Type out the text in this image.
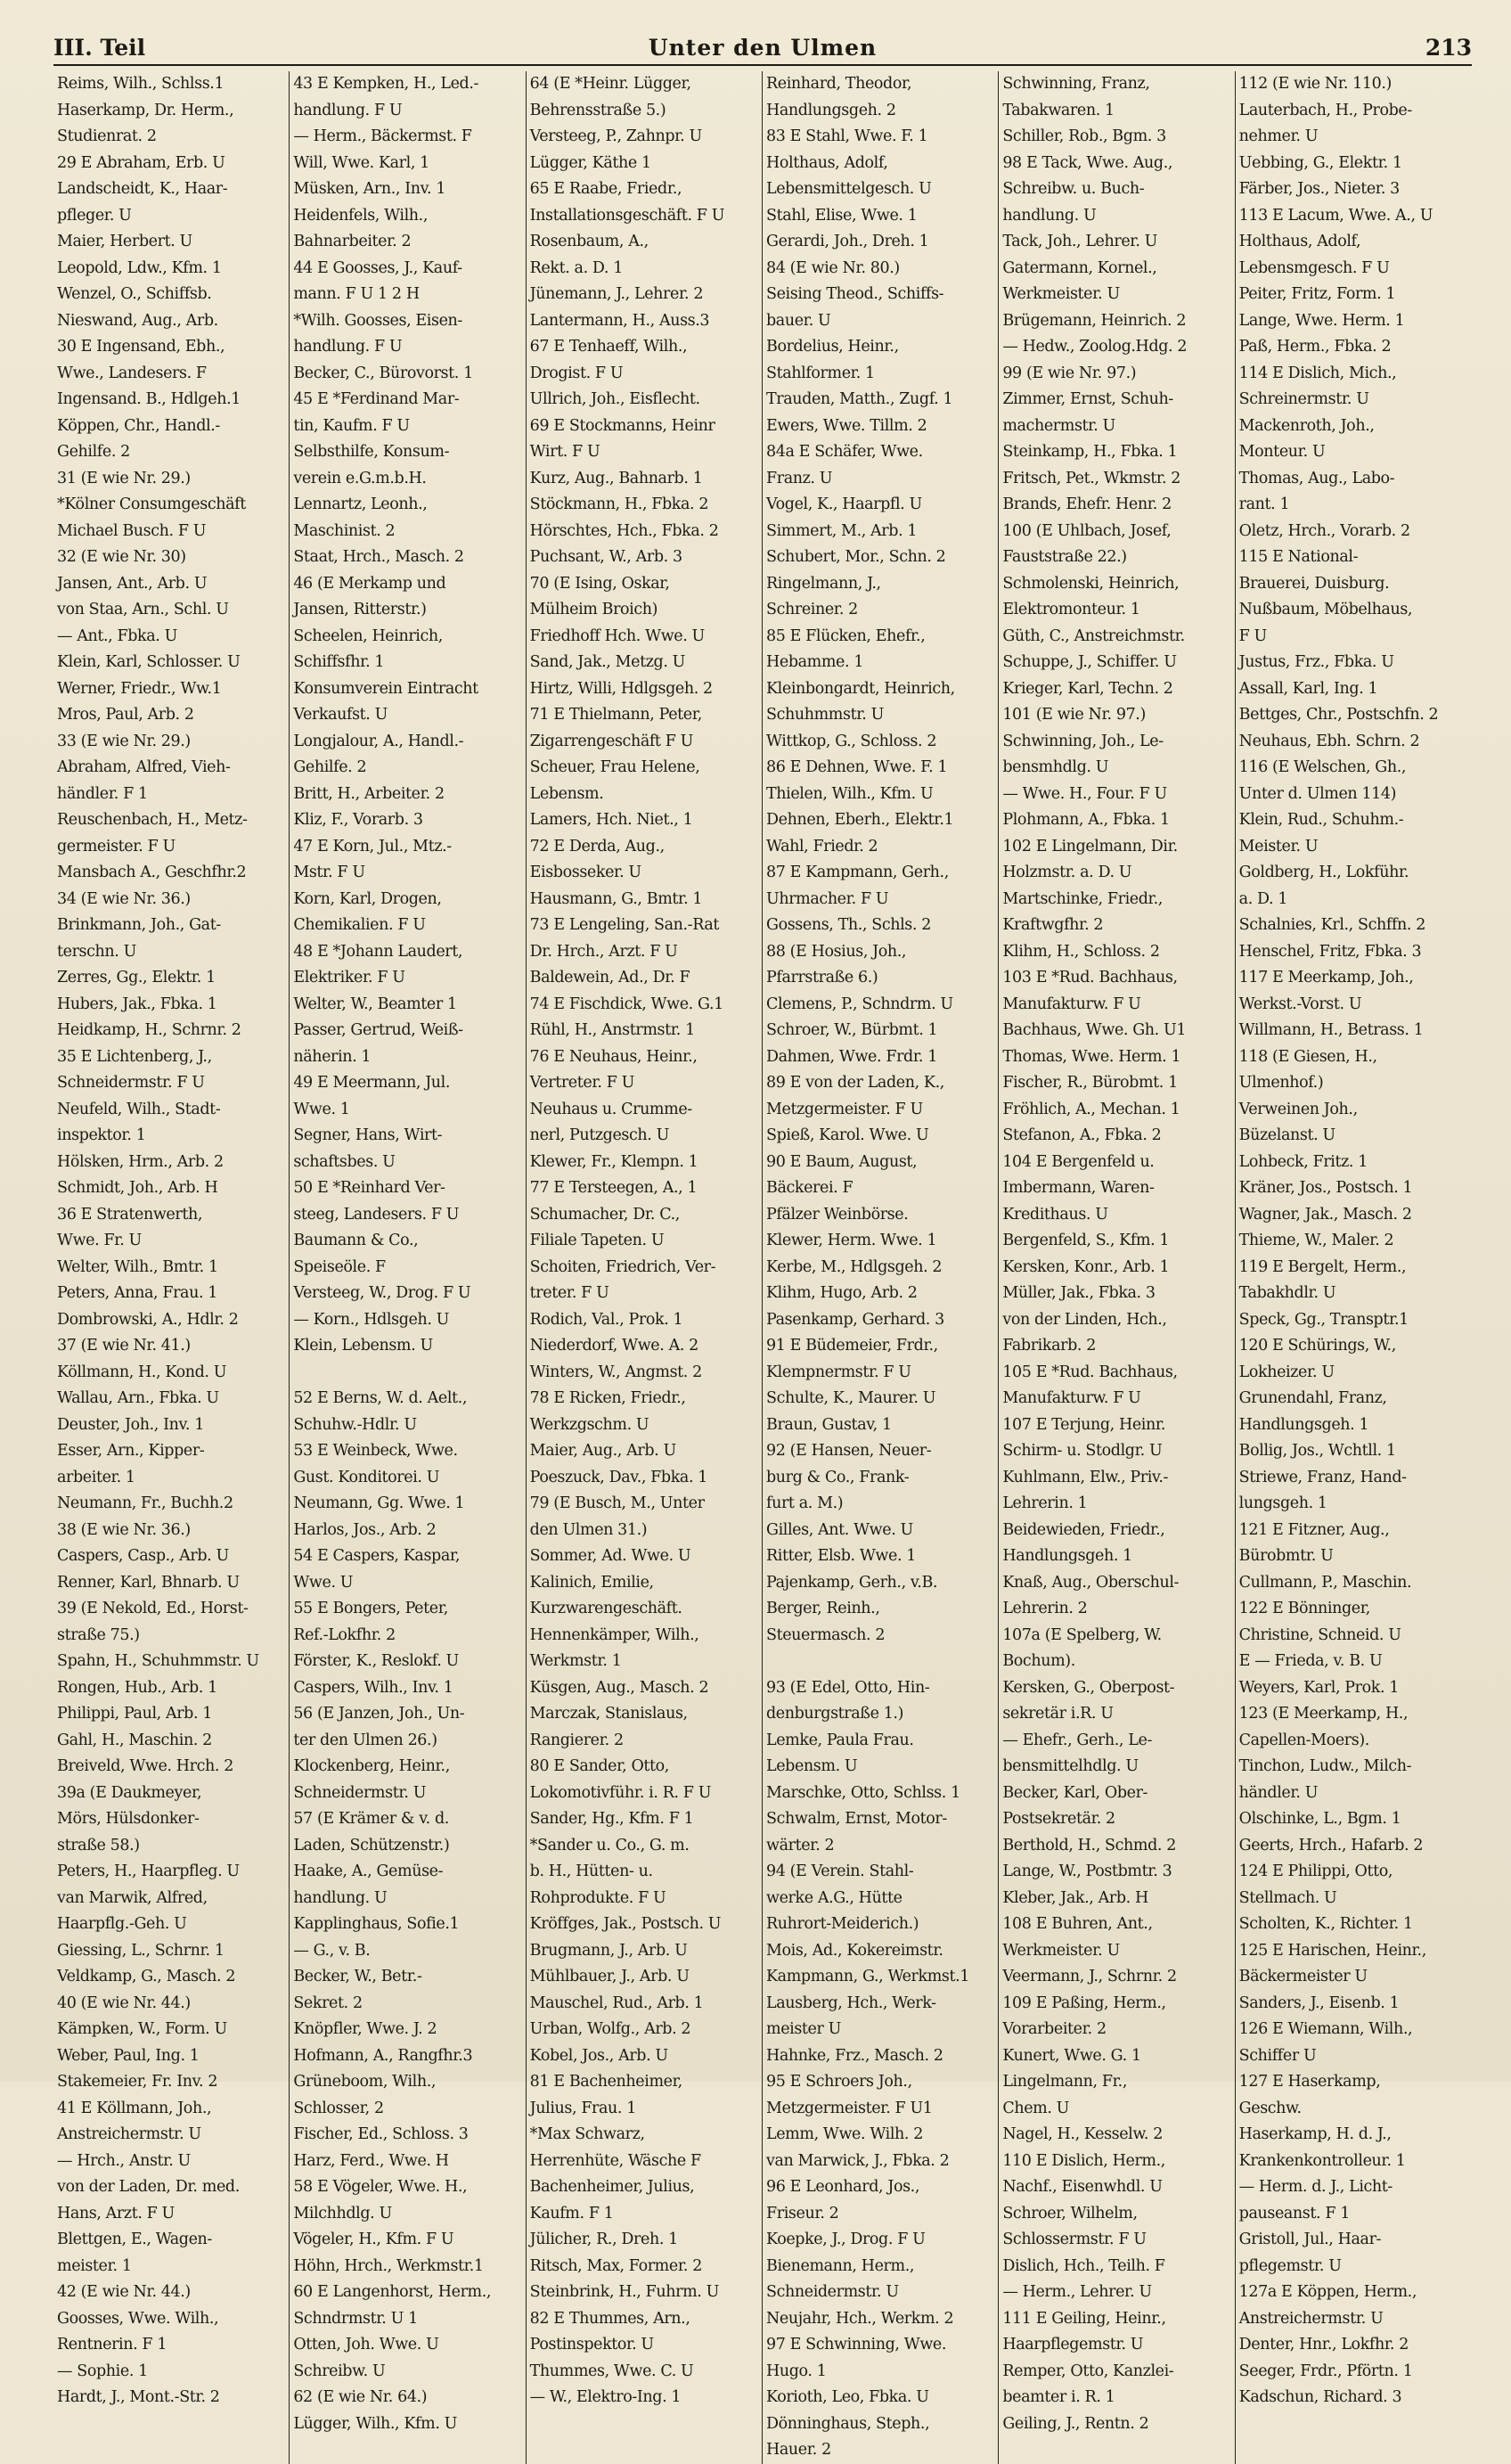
III. Teil	Unter den Ulmen	213
Reims, Wilh., Schlss.1
Haserkamp, Dr. Herm.,
Studienrat. 2
29 E Abraham, Erb. U
Landscheidt, K., Haar-
pfleger. U
Maier, Herbert. U
Leopold, Ldw., Kfm. 1
Wenzel, O., Schiffsb.
Nieswand, Aug., Arb.
30 E Ingensand, Ebh.,
Wwe., Landesers. F
Ingensand. B., Hdlgeh.1
Köppen, Chr., Handl.-
Gehilfe. 2
31 (E wie Nr. 29.)
*Kölner Consumgeschäft
Michael Busch. F U
32 (E wie Nr. 30)
Jansen, Ant., Arb. U
von Staa, Arn., Schl. U
— Ant., Fbka. U
Klein, Karl, Schlosser. U
Werner, Friedr., Ww.1
Mros, Paul, Arb. 2
33 (E wie Nr. 29.)
Abraham, Alfred, Vieh-
händler. F 1
Reuschenbach, H., Metz-
germeister. F U
Mansbach A., Geschfhr.2
34 (E wie Nr. 36.)
Brinkmann, Joh., Gat-
terschn. U
Zerres, Gg., Elektr. 1
Hubers, Jak., Fbka. 1
Heidkamp, H., Schrnr. 2
35 E Lichtenberg, J.,
Schneidermstr. F U
Neufeld, Wilh., Stadt-
inspektor. 1
Hölsken, Hrm., Arb. 2
Schmidt, Joh., Arb. H
36 E Stratenwerth,
Wwe. Fr. U
Welter, Wilh., Bmtr. 1
Peters, Anna, Frau. 1
Dombrowski, A., Hdlr. 2
37 (E wie Nr. 41.)
Köllmann, H., Kond. U
Wallau, Arn., Fbka. U
Deuster, Joh., Inv. 1
Esser, Arn., Kipper-
arbeiter. 1
Neumann, Fr., Buchh.2
38 (E wie Nr. 36.)
Caspers, Casp., Arb. U
Renner, Karl, Bhnarb. U
39 (E Nekold, Ed., Horst-
straße 75.)
Spahn, H., Schuhmmstr. U
Rongen, Hub., Arb. 1
Philippi, Paul, Arb. 1
Gahl, H., Maschin. 2
Breiveld, Wwe. Hrch. 2
39a (E Daukmeyer,
Mörs, Hülsdonker-
straße 58.)
Peters, H., Haarpfleg. U
van Marwik, Alfred,
Haarpflg.-Geh. U
Giessing, L., Schrnr. 1
Veldkamp, G., Masch. 2
40 (E wie Nr. 44.)
Kämpken, W., Form. U
Weber, Paul, Ing. 1
Stakemeier, Fr. Inv. 2
41 E Köllmann, Joh.,
Anstreichermstr. U
— Hrch., Anstr. U
von der Laden, Dr. med.
Hans, Arzt. F U
Blettgen, E., Wagen-
meister. 1
42 (E wie Nr. 44.)
Goosses, Wwe. Wilh.,
Rentnerin. F 1
— Sophie. 1
Hardt, J., Mont.-Str. 2
43 E Kempken, H., Led.-
handlung. F U
— Herm., Bäckermst. F
Will, Wwe. Karl, 1
Müsken, Arn., Inv. 1
Heidenfels, Wilh.,
Bahnarbeiter. 2
44 E Goosses, J., Kauf-
mann. F U 1 2 H
*Wilh. Goosses, Eisen-
handlung. F U
Becker, C., Bürovorst. 1
45 E *Ferdinand Mar-
tin, Kaufm. F U
Selbsthilfe, Konsum-
verein e.G.m.b.H.
Lennartz, Leonh.,
Maschinist. 2
Staat, Hrch., Masch. 2
46 (E Merkamp und
Jansen, Ritterstr.)
Scheelen, Heinrich,
Schiffsfhr. 1
Konsumverein Eintracht
Verkaufst. U
Longjalour, A., Handl.-
Gehilfe. 2
Britt, H., Arbeiter. 2
Kliz, F., Vorarb. 3
47 E Korn, Jul., Mtz.-
Mstr. F U
Korn, Karl, Drogen,
Chemikalien. F U
48 E *Johann Laudert,
Elektriker. F U
Welter, W., Beamter 1
Passer, Gertrud, Weiß-
näherin. 1
49 E Meermann, Jul.
Wwe. 1
Segner, Hans, Wirt-
schaftsbes. U
50 E *Reinhard Ver-
steeg, Landesers. F U
Baumann & Co.,
Speiseöle. F
Versteeg, W., Drog. F U
— Korn., Hdlsgeh. U
Klein, Lebensm. U
52 E Berns, W. d. Aelt.,
Schuhw.-Hdlr. U
53 E Weinbeck, Wwe.
Gust. Konditorei. U
Neumann, Gg. Wwe. 1
Harlos, Jos., Arb. 2
54 E Caspers, Kaspar,
Wwe. U
55 E Bongers, Peter,
Ref.-Lokfhr. 2
Förster, K., Reslokf. U
Caspers, Wilh., Inv. 1
56 (E Janzen, Joh., Un-
ter den Ulmen 26.)
Klockenberg, Heinr.,
Schneidermstr. U
57 (E Krämer & v. d.
Laden, Schützenstr.)
Haake, A., Gemüse-
handlung. U
Kapplinghaus, Sofie.1
— G., v. B.
Becker, W., Betr.-
Sekret. 2
Knöpfler, Wwe. J. 2
Hofmann, A., Rangfhr.3
Grüneboom, Wilh.,
Schlosser, 2
Fischer, Ed., Schloss. 3
Harz, Ferd., Wwe. H
58 E Vögeler, Wwe. H.,
Milchhdlg. U
Vögeler, H., Kfm. F U
Höhn, Hrch., Werkmstr.1
60 E Langenhorst, Herm.,
Schndrmstr. U 1
Otten, Joh. Wwe. U
Schreibw. U
62 (E wie Nr. 64.)
Lügger, Wilh., Kfm. U
64 (E *Heinr. Lügger,
Behrensstraße 5.)
Versteeg, P., Zahnpr. U
Lügger, Käthe 1
65 E Raabe, Friedr.,
Installationsgeschäft. F U
Rosenbaum, A.,
Rekt. a. D. 1
Jünemann, J., Lehrer. 2
Lantermann, H., Auss.3
67 E Tenhaeff, Wilh.,
Drogist. F U
Ullrich, Joh., Eisflecht.
69 E Stockmanns, Heinr
Wirt. F U
Kurz, Aug., Bahnarb. 1
Stöckmann, H., Fbka. 2
Hörschtes, Hch., Fbka. 2
Puchsant, W., Arb. 3
70 (E Ising, Oskar,
Mülheim Broich)
Friedhoff Hch. Wwe. U
Sand, Jak., Metzg. U
Hirtz, Willi, Hdlgsgeh. 2
71 E Thielmann, Peter,
Zigarrengeschäft F U
Scheuer, Frau Helene,
Lebensm.
Lamers, Hch. Niet., 1
72 E Derda, Aug.,
Eisbosseker. U
Hausmann, G., Bmtr. 1
73 E Lengeling, San.-Rat
Dr. Hrch., Arzt. F U
Baldewein, Ad., Dr. F
74 E Fischdick, Wwe. G.1
Rühl, H., Anstrmstr. 1
76 E Neuhaus, Heinr.,
Vertreter. F U
Neuhaus u. Crumme-
nerl, Putzgesch. U
Klewer, Fr., Klempn. 1
77 E Tersteegen, A., 1
Schumacher, Dr. C.,
Filiale Tapeten. U
Schoiten, Friedrich, Ver-
treter. F U
Rodich, Val., Prok. 1
Niederdorf, Wwe. A. 2
Winters, W., Angmst. 2
78 E Ricken, Friedr.,
Werkzgschm. U
Maier, Aug., Arb. U
Poeszuck, Dav., Fbka. 1
79 (E Busch, M., Unter
den Ulmen 31.)
Sommer, Ad. Wwe. U
Kalinich, Emilie,
Kurzwarengeschäft.
Hennenkämper, Wilh.,
Werkmstr. 1
Küsgen, Aug., Masch. 2
Marczak, Stanislaus,
Rangierer. 2
80 E Sander, Otto,
Lokomotivführ. i. R. F U
Sander, Hg., Kfm. F 1
*Sander u. Co., G. m.
b. H., Hütten- u.
Rohprodukte. F U
Kröffges, Jak., Postsch. U
Brugmann, J., Arb. U
Mühlbauer, J., Arb. U
Mauschel, Rud., Arb. 1
Urban, Wolfg., Arb. 2
Kobel, Jos., Arb. U
81 E Bachenheimer,
Julius, Frau. 1
*Max Schwarz,
Herrenhüte, Wäsche F
Bachenheimer, Julius,
Kaufm. F 1
Jülicher, R., Dreh. 1
Ritsch, Max, Former. 2
Steinbrink, H., Fuhrm. U
82 E Thummes, Arn.,
Postinspektor. U
Thummes, Wwe. C. U
— W., Elektro-Ing. 1
Reinhard, Theodor,
Handlungsgeh. 2
83 E Stahl, Wwe. F. 1
Holthaus, Adolf,
Lebensmittelgesch. U
Stahl, Elise, Wwe. 1
Gerardi, Joh., Dreh. 1
84 (E wie Nr. 80.)
Seising Theod., Schiffs-
bauer. U
Bordelius, Heinr.,
Stahlformer. 1
Trauden, Matth., Zugf. 1
Ewers, Wwe. Tillm. 2
84a E Schäfer, Wwe.
Franz. U
Vogel, K., Haarpfl. U
Simmert, M., Arb. 1
Schubert, Mor., Schn. 2
Ringelmann, J.,
Schreiner. 2
85 E Flücken, Ehefr.,
Hebamme. 1
Kleinbongardt, Heinrich,
Schuhmmstr. U
Wittkop, G., Schloss. 2
86 E Dehnen, Wwe. F. 1
Thielen, Wilh., Kfm. U
Dehnen, Eberh., Elektr.1
Wahl, Friedr. 2
87 E Kampmann, Gerh.,
Uhrmacher. F U
Gossens, Th., Schls. 2
88 (E Hosius, Joh.,
Pfarrstraße 6.)
Clemens, P., Schndrm. U
Schroer, W., Bürbmt. 1
Dahmen, Wwe. Frdr. 1
89 E von der Laden, K.,
Metzgermeister. F U
Spieß, Karol. Wwe. U
90 E Baum, August,
Bäckerei. F
Pfälzer Weinbörse.
Klewer, Herm. Wwe. 1
Kerbe, M., Hdlgsgeh. 2
Klihm, Hugo, Arb. 2
Pasenkamp, Gerhard. 3
91 E Büdemeier, Frdr.,
Klempnermstr. F U
Schulte, K., Maurer. U
Braun, Gustav, 1
92 (E Hansen, Neuer-
burg & Co., Frank-
furt a. M.)
Gilles, Ant. Wwe. U
Ritter, Elsb. Wwe. 1
Pajenkamp, Gerh., v.B.
Berger, Reinh.,
Steuermasch. 2
93 (E Edel, Otto, Hin-
denburgstraße 1.)
Lemke, Paula Frau.
Lebensm. U
Marschke, Otto, Schlss. 1
Schwalm, Ernst, Motor-
wärter. 2
94 (E Verein. Stahl-
werke A.G., Hütte
Ruhrort-Meiderich.)
Mois, Ad., Kokereimstr.
Kampmann, G., Werkmst.1
Lausberg, Hch., Werk-
meister U
Hahnke, Frz., Masch. 2
95 E Schroers Joh.,
Metzgermeister. F U1
Lemm, Wwe. Wilh. 2
van Marwick, J., Fbka. 2
96 E Leonhard, Jos.,
Friseur. 2
Koepke, J., Drog. F U
Bienemann, Herm.,
Schneidermstr. U
Neujahr, Hch., Werkm. 2
97 E Schwinning, Wwe.
Hugo. 1
Korioth, Leo, Fbka. U
Dönninghaus, Steph.,
Hauer. 2
Schwinning, Franz,
Tabakwaren. 1
Schiller, Rob., Bgm. 3
98 E Tack, Wwe. Aug.,
Schreibw. u. Buch-
handlung. U
Tack, Joh., Lehrer. U
Gatermann, Kornel.,
Werkmeister. U
Brügemann, Heinrich. 2
— Hedw., Zoolog.Hdg. 2
99 (E wie Nr. 97.)
Zimmer, Ernst, Schuh-
machermstr. U
Steinkamp, H., Fbka. 1
Fritsch, Pet., Wkmstr. 2
Brands, Ehefr. Henr. 2
100 (E Uhlbach, Josef,
Fauststraße 22.)
Schmolenski, Heinrich,
Elektromonteur. 1
Güth, C., Anstreichmstr.
Schuppe, J., Schiffer. U
Krieger, Karl, Techn. 2
101 (E wie Nr. 97.)
Schwinning, Joh., Le-
bensmhdlg. U
— Wwe. H., Four. F U
Plohmann, A., Fbka. 1
102 E Lingelmann, Dir.
Holzmstr. a. D. U
Martschinke, Friedr.,
Kraftwgfhr. 2
Klihm, H., Schloss. 2
103 E *Rud. Bachhaus,
Manufakturw. F U
Bachhaus, Wwe. Gh. U1
Thomas, Wwe. Herm. 1
Fischer, R., Bürobmt. 1
Fröhlich, A., Mechan. 1
Stefanon, A., Fbka. 2
104 E Bergenfeld u.
Imbermann, Waren-
Kredithaus. U
Bergenfeld, S., Kfm. 1
Kersken, Konr., Arb. 1
Müller, Jak., Fbka. 3
von der Linden, Hch.,
Fabrikarb. 2
105 E *Rud. Bachhaus,
Manufakturw. F U
107 E Terjung, Heinr.
Schirm- u. Stodlgr. U
Kuhlmann, Elw., Priv.-
Lehrerin. 1
Beidewieden, Friedr.,
Handlungsgeh. 1
Knaß, Aug., Oberschul-
Lehrerin. 2
107a (E Spelberg, W.
Bochum).
Kersken, G., Oberpost-
sekretär i.R. U
— Ehefr., Gerh., Le-
bensmittelhdlg. U
Becker, Karl, Ober-
Postsekretär. 2
Berthold, H., Schmd. 2
Lange, W., Postbmtr. 3
Kleber, Jak., Arb. H
108 E Buhren, Ant.,
Werkmeister. U
Veermann, J., Schrnr. 2
109 E Paßing, Herm.,
Vorarbeiter. 2
Kunert, Wwe. G. 1
Lingelmann, Fr.,
Chem. U
Nagel, H., Kesselw. 2
110 E Dislich, Herm.,
Nachf., Eisenwhdl. U
Schroer, Wilhelm,
Schlossermstr. F U
Dislich, Hch., Teilh. F
— Herm., Lehrer. U
111 E Geiling, Heinr.,
Haarpflegemstr. U
Remper, Otto, Kanzlei-
beamter i. R. 1
Geiling, J., Rentn. 2
112 (E wie Nr. 110.)
Lauterbach, H., Probe-
nehmer. U
Uebbing, G., Elektr. 1
Färber, Jos., Nieter. 3
113 E Lacum, Wwe. A., U
Holthaus, Adolf,
Lebensmgesch. F U
Peiter, Fritz, Form. 1
Lange, Wwe. Herm. 1
Paß, Herm., Fbka. 2
114 E Dislich, Mich.,
Schreinermstr. U
Mackenroth, Joh.,
Monteur. U
Thomas, Aug., Labo-
rant. 1
Oletz, Hrch., Vorarb. 2
115 E National-
Brauerei, Duisburg.
Nußbaum, Möbelhaus,
F U
Justus, Frz., Fbka. U
Assall, Karl, Ing. 1
Bettges, Chr., Postschfn. 2
Neuhaus, Ebh. Schrn. 2
116 (E Welschen, Gh.,
Unter d. Ulmen 114)
Klein, Rud., Schuhm.-
Meister. U
Goldberg, H., Lokführ.
a. D. 1
Schalnies, Krl., Schffn. 2
Henschel, Fritz, Fbka. 3
117 E Meerkamp, Joh.,
Werkst.-Vorst. U
Willmann, H., Betrass. 1
118 (E Giesen, H.,
Ulmenhof.)
Verweinen Joh.,
Büzelanst. U
Lohbeck, Fritz. 1
Kräner, Jos., Postsch. 1
Wagner, Jak., Masch. 2
Thieme, W., Maler. 2
119 E Bergelt, Herm.,
Tabakhdlr. U
Speck, Gg., Transptr.1
120 E Schürings, W.,
Lokheizer. U
Grunendahl, Franz,
Handlungsgeh. 1
Bollig, Jos., Wchtll. 1
Striewe, Franz, Hand-
lungsgeh. 1
121 E Fitzner, Aug.,
Bürobmtr. U
Cullmann, P., Maschin.
122 E Bönninger,
Christine, Schneid. U
E — Frieda, v. B. U
Weyers, Karl, Prok. 1
123 (E Meerkamp, H.,
Capellen-Moers).
Tinchon, Ludw., Milch-
händler. U
Olschinke, L., Bgm. 1
Geerts, Hrch., Hafarb. 2
124 E Philippi, Otto,
Stellmach. U
Scholten, K., Richter. 1
125 E Harischen, Heinr.,
Bäckermeister U
Sanders, J., Eisenb. 1
126 E Wiemann, Wilh.,
Schiffer U
127 E Haserkamp,
Geschw.
Haserkamp, H. d. J.,
Krankenkontrolleur. 1
— Herm. d. J., Licht-
pauseanst. F 1
Gristoll, Jul., Haar-
pflegemstr. U
127a E Köppen, Herm.,
Anstreichermstr. U
Denter, Hnr., Lokfhr. 2
Seeger, Frdr., Pförtn. 1
Kadschun, Richard. 3
